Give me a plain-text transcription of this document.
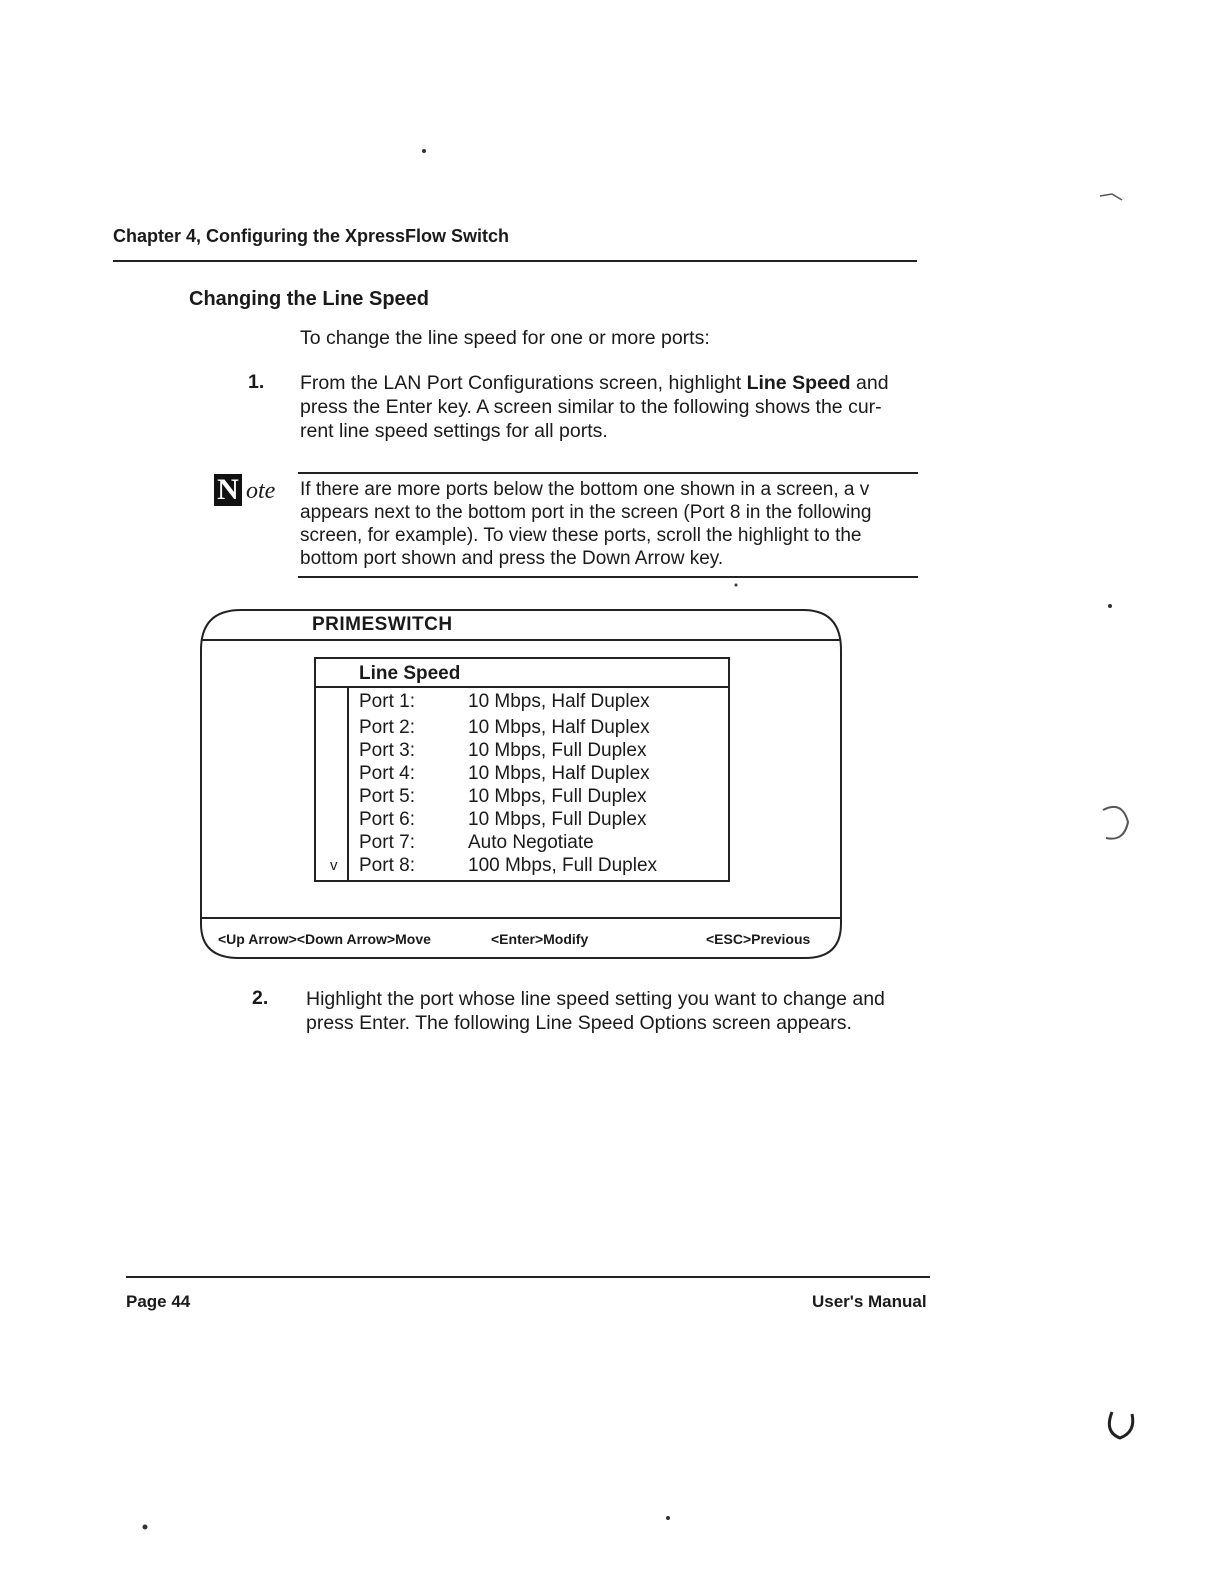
Chapter 4, Configuring the XpressFlow Switch
Changing the Line Speed
To change the line speed for one or more ports:
1. From the LAN Port Configurations screen, highlight Line Speed and
press the Enter key. A screen similar to the following shows the cur-
rent line speed settings for all ports.
N ote If there are more ports below the bottom one shown in a screen, a v
appears next to the bottom port in the screen (Port 8 in the following
screen, for example). To view these ports, scroll the highlight to the
bottom port shown and press the Down Arrow key.
PRIMESWITCH
Line Speed
Port 1:	10 Mbps, Half Duplex
Port 2:	10 Mbps, Half Duplex
Port 3:	10 Mbps, Full Duplex
Port 4:	10 Mbps, Half Duplex
Port 5:	10 Mbps, Full Duplex
Port 6:	10 Mbps, Full Duplex
Port 7:	Auto Negotiate
v Port 8:	100 Mbps, Full Duplex
<Up Arrow><Down Arrow>Move	<Enter>Modify	<ESC>Previous
2. Highlight the port whose line speed setting you want to change and
press Enter. The following Line Speed Options screen appears.
Page 44	User's Manual
